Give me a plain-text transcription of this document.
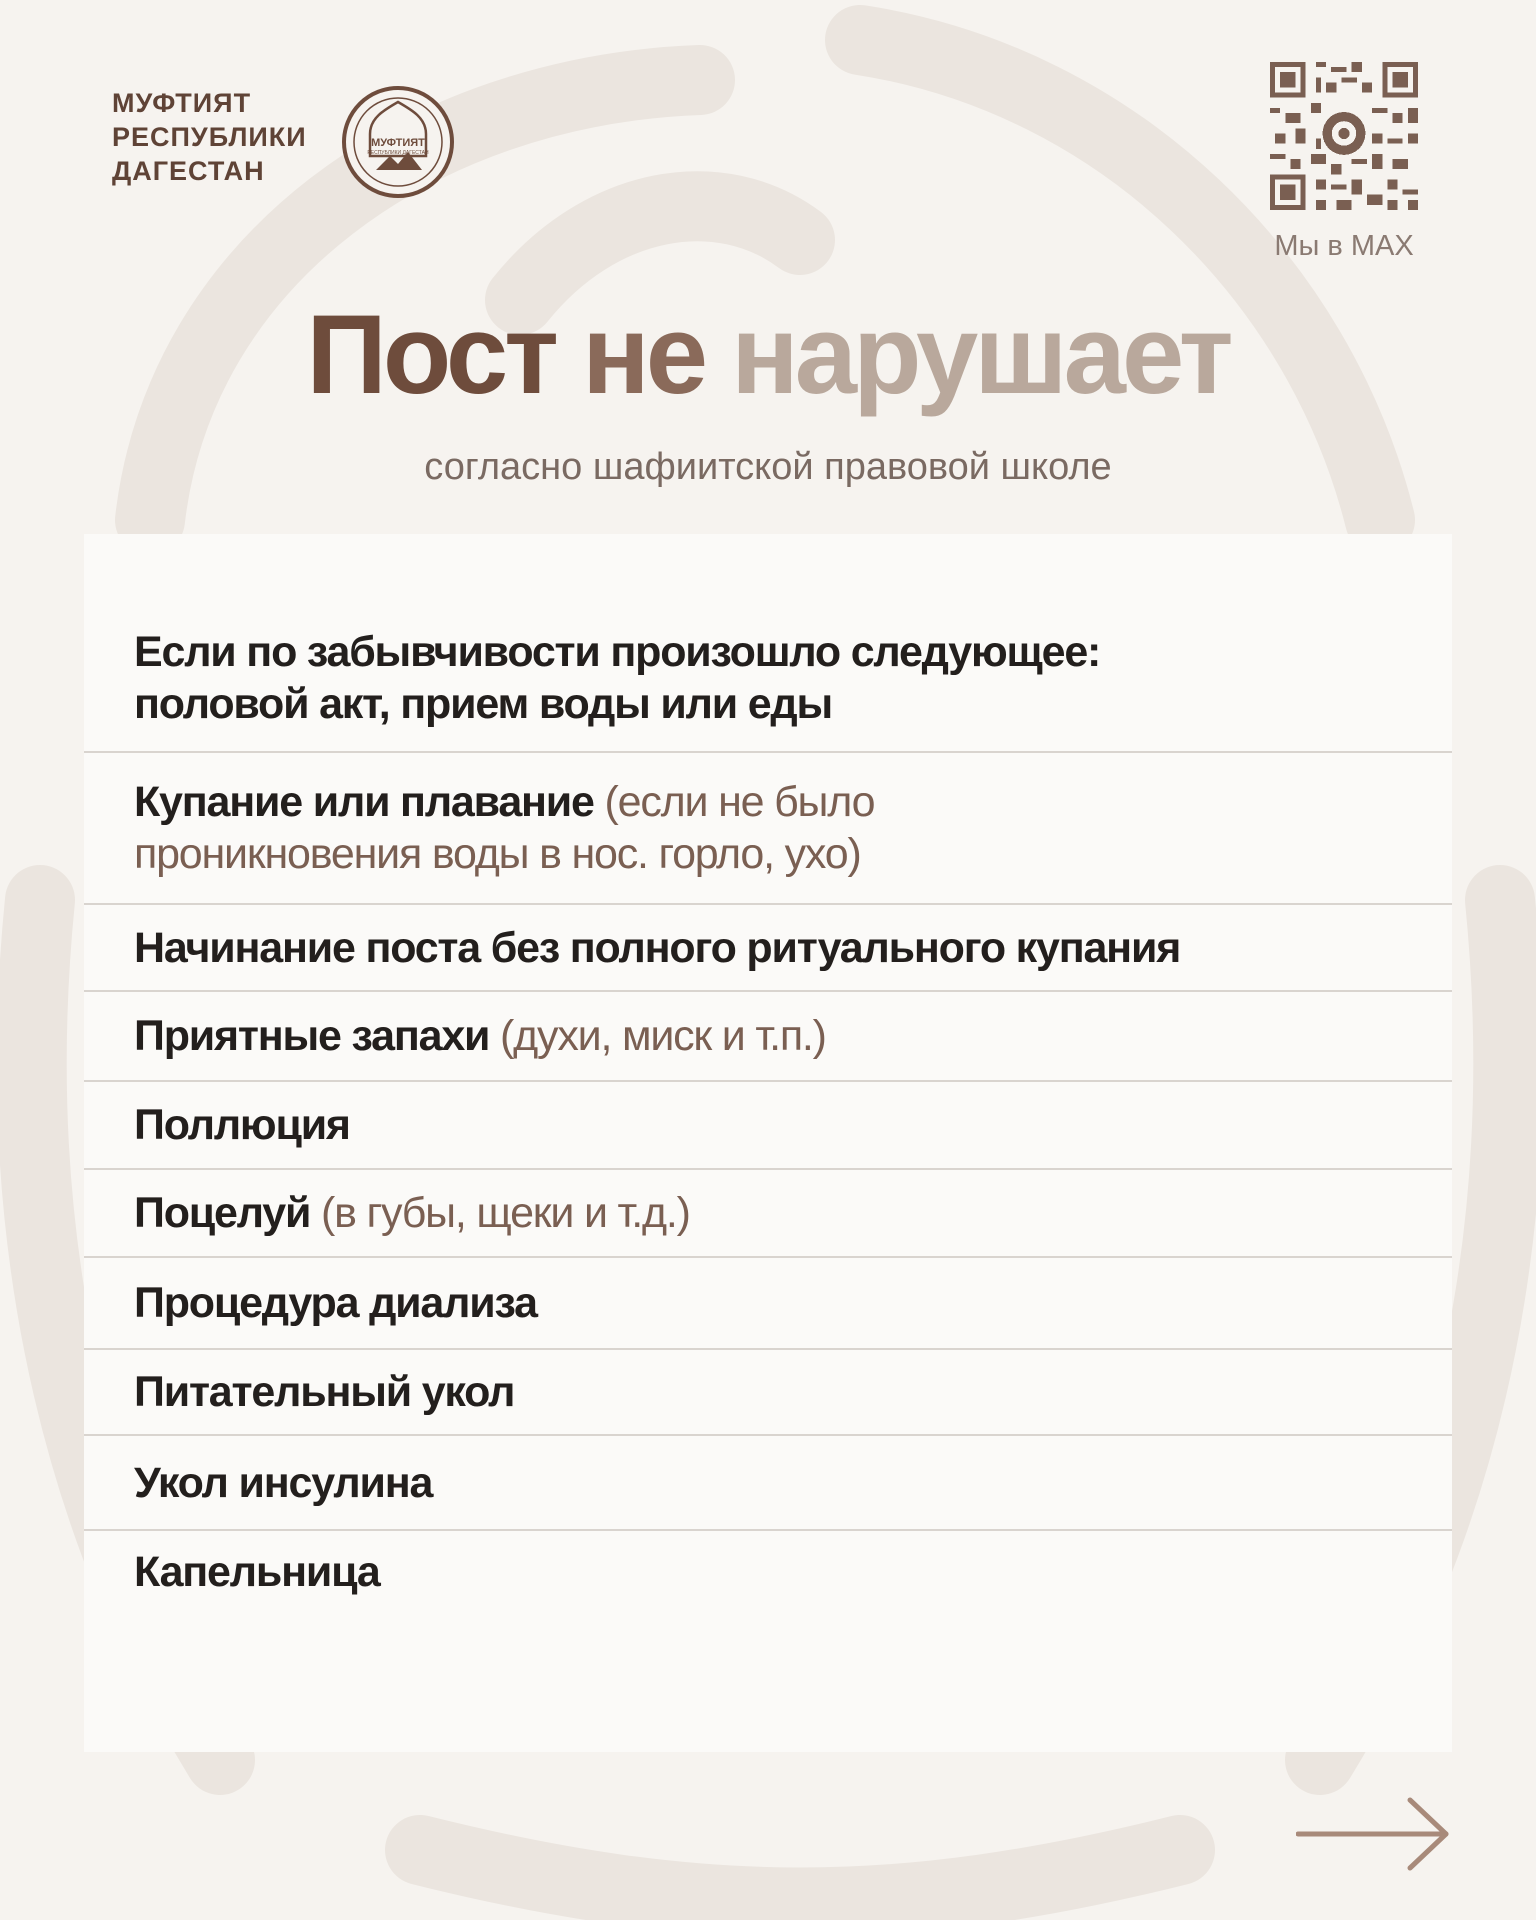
МУФТИЯТ
РЕСПУБЛИКИ
ДАГЕСТАН
МУФТИЯТ
РЕСПУБЛИКИ ДАГЕСТАН
Мы в MAX
Пост не нарушает
согласно шафиитской правовой школе
Если по забывчивости произошло следующее: половой акт, прием воды или еды
Купание или плавание (если не было проникновения воды в нос. горло, ухо)
Начинание поста без полного ритуального купания
Приятные запахи (духи, миск и т.п.)
Поллюция
Поцелуй (в губы, щеки и т.д.)
Процедура диализа
Питательный укол
Укол инсулина
Капельница
